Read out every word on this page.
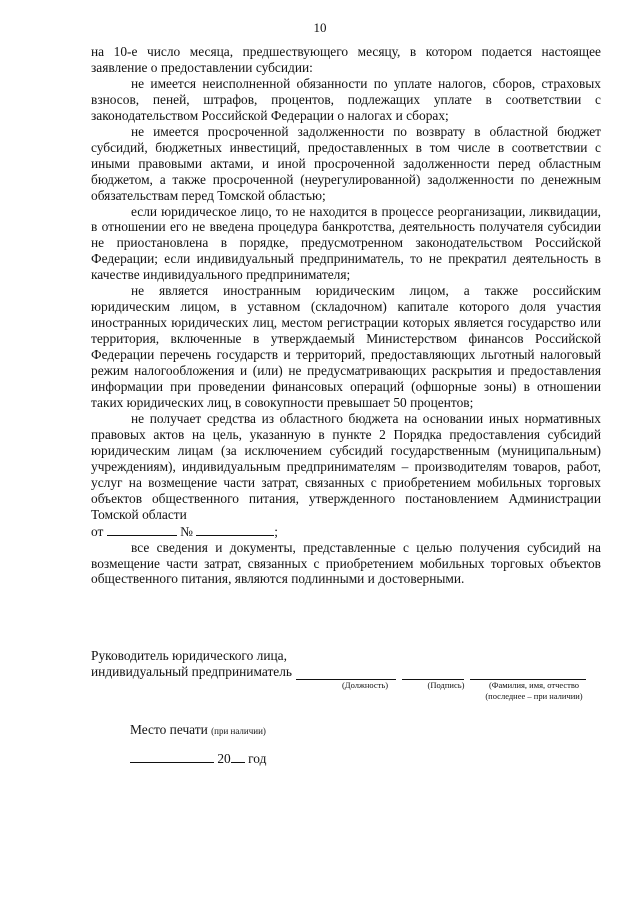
10

на 10-е число месяца, предшествующего месяцу, в котором подается настоящее заявление о предоставлении субсидии:

не имеется неисполненной обязанности по уплате налогов, сборов, страховых взносов, пеней, штрафов, процентов, подлежащих уплате в соответствии с законодательством Российской Федерации о налогах и сборах;

не имеется просроченной задолженности по возврату в областной бюджет субсидий, бюджетных инвестиций, предоставленных в том числе в соответствии с иными правовыми актами, и иной просроченной задолженности перед областным бюджетом, а также просроченной (неурегулированной) задолженности по денежным обязательствам перед Томской областью;

если юридическое лицо, то не находится в процессе реорганизации, ликвидации, в отношении его не введена процедура банкротства, деятельность получателя субсидии не приостановлена в порядке, предусмотренном законодательством Российской Федерации; если индивидуальный предприниматель, то не прекратил деятельность в качестве индивидуального предпринимателя;

не является иностранным юридическим лицом, а также российским юридическим лицом, в уставном (складочном) капитале которого доля участия иностранных юридических лиц, местом регистрации которых является государство или территория, включенные в утверждаемый Министерством финансов Российской Федерации перечень государств и территорий, предоставляющих льготный налоговый режим налогообложения и (или) не предусматривающих раскрытия и предоставления информации при проведении финансовых операций (офшорные зоны) в отношении таких юридических лиц, в совокупности превышает 50 процентов;

не получает средства из областного бюджета на основании иных нормативных правовых актов на цель, указанную в пункте 2 Порядка предоставления субсидий юридическим лицам (за исключением субсидий государственным (муниципальным) учреждениям), индивидуальным предпринимателям – производителям товаров, работ, услуг на возмещение части затрат, связанных с приобретением мобильных торговых объектов общественного питания, утвержденного постановлением Администрации Томской области

от	№	;

все сведения и документы, представленные с целью получения субсидий на возмещение части затрат, связанных с приобретением мобильных торговых объектов общественного питания, являются подлинными и достоверными.

Руководитель юридического лица,
индивидуальный предприниматель
(Должность)	(Подпись)	(Фамилия, имя, отчество
(последнее – при наличии)
Место печати (при наличии)
20 год
